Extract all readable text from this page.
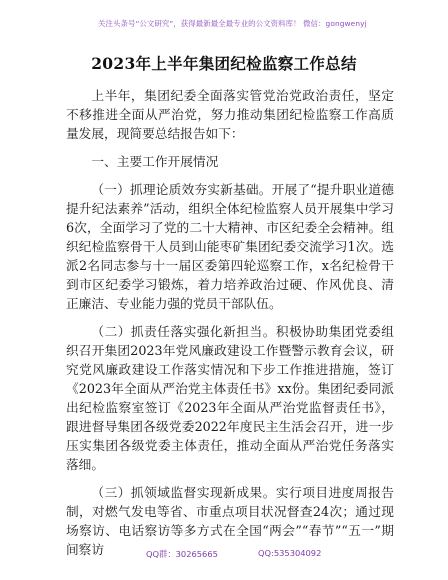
关注头条号“公文研究”，获得最新最全最专业的公文资料库！ 微信：gongwenyj
2023年上半年集团纪检监察工作总结

上半年，集团纪委全面落实管党治党政治责任，坚定不移推进全面从严治党，努力推动集团纪检监察工作高质量发展，现简要总结报告如下：

一、主要工作开展情况

（一）抓理论质效夯实新基础。开展了“提升职业道德提升纪法素养”活动，组织全体纪检监察人员开展集中学习6次，全面学习了党的二十大精神、市区纪委全会精神。组织纪检监察骨干人员到山能枣矿集团纪委交流学习1次。选派2名同志参与十一届区委第四轮巡察工作，x名纪检骨干到市区纪委学习锻炼，着力培养政治过硬、作风优良、清正廉洁、专业能力强的党员干部队伍。

（二）抓责任落实强化新担当。积极协助集团党委组织召开集团2023年党风廉政建设工作暨警示教育会议，研究党风廉政建设工作落实情况和下步工作推进措施，签订《2023年全面从严治党主体责任书》xx份。集团纪委同派出纪检监察室签订《2023年全面从严治党监督责任书》，跟进督导集团各级党委2022年度民主生活会召开，进一步压实集团各级党委主体责任，推动全面从严治党任务落实落细。

（三）抓领域监督实现新成果。实行项目进度周报告制，对燃气发电等省、市重点项目状况督查24次；通过现场察访、电话察访等多方式在全国“两会”“春节”“五一”期间察访	QQ群：30265665	QQ:535304092
